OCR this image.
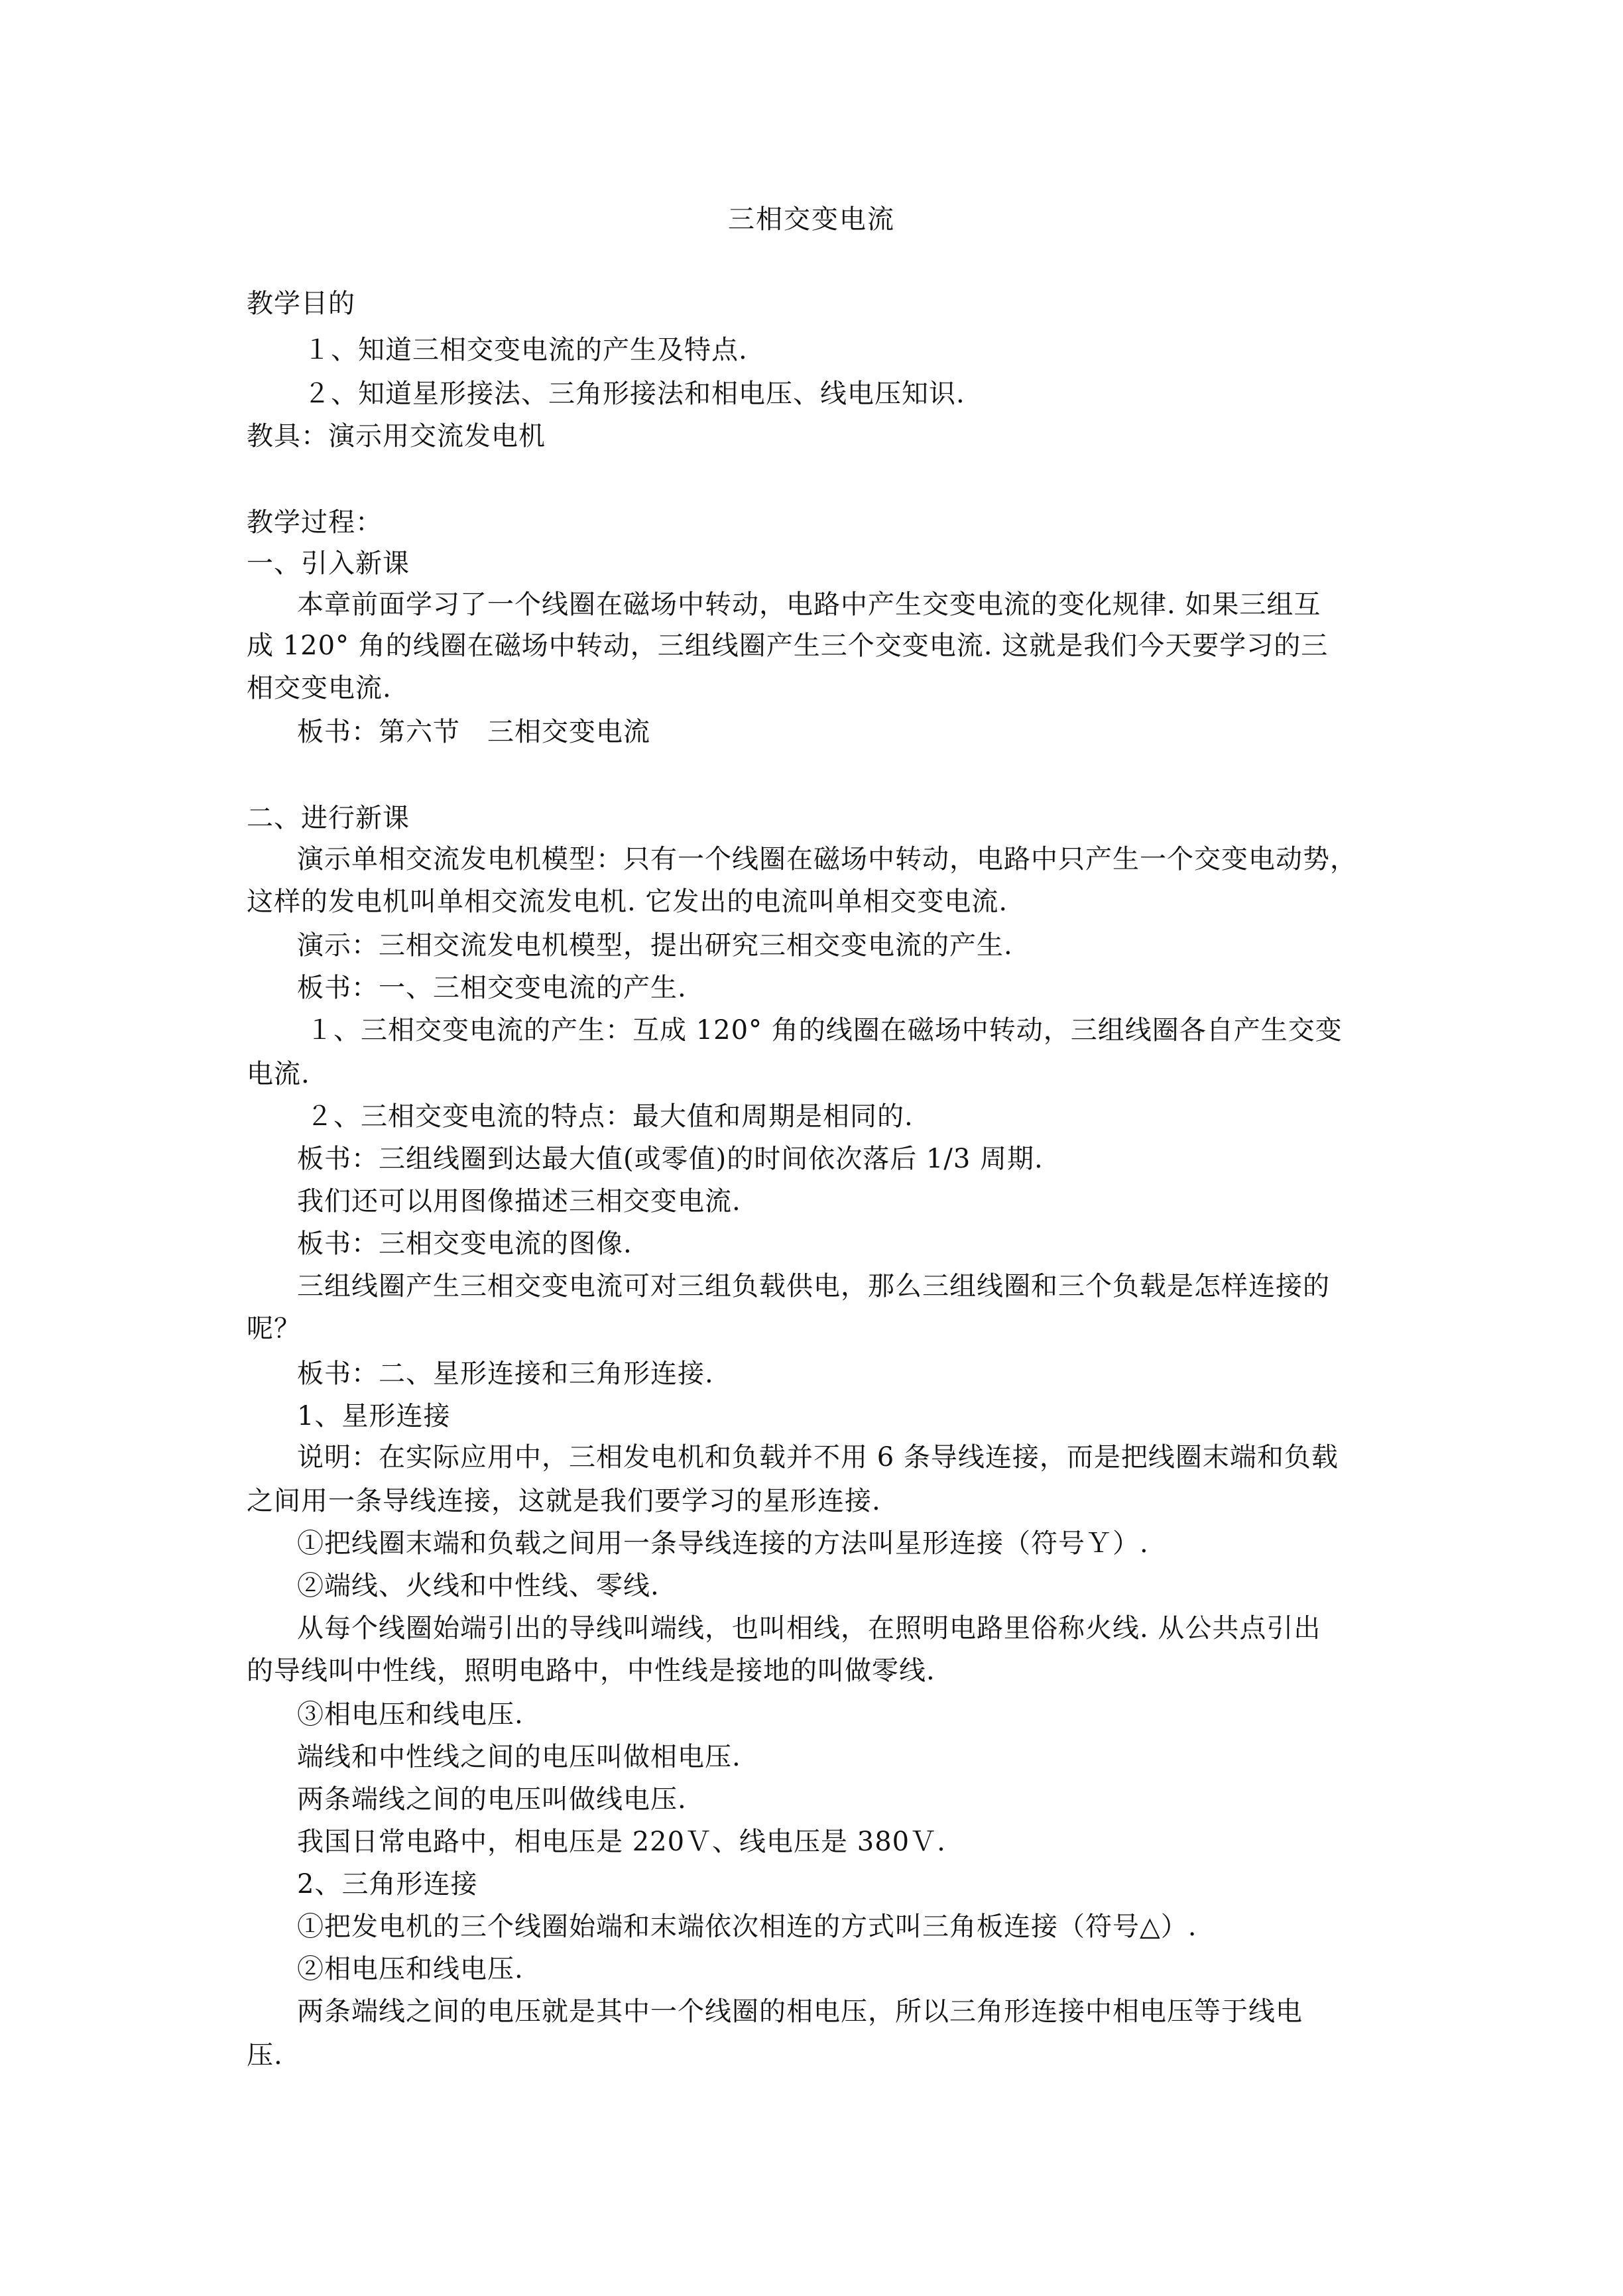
三相交变电流

教学目的

１、知道三相交变电流的产生及特点.

２、知道星形接法、三角形接法和相电压、线电压知识.

教具：演示用交流发电机

教学过程：

一、引入新课

本章前面学习了一个线圈在磁场中转动，电路中产生交变电流的变化规律. 如果三组互

成 120° 角的线圈在磁场中转动，三组线圈产生三个交变电流. 这就是我们今天要学习的三

相交变电流.

板书：第六节　三相交变电流

二、进行新课

演示单相交流发电机模型：只有一个线圈在磁场中转动，电路中只产生一个交变电动势，

这样的发电机叫单相交流发电机. 它发出的电流叫单相交变电流.

演示：三相交流发电机模型，提出研究三相交变电流的产生.

板书：一、三相交变电流的产生.

１、三相交变电流的产生：互成 120° 角的线圈在磁场中转动，三组线圈各自产生交变

电流.

２、三相交变电流的特点：最大值和周期是相同的.

板书：三组线圈到达最大值(或零值)的时间依次落后 1/3 周期.

我们还可以用图像描述三相交变电流.

板书：三相交变电流的图像.

三组线圈产生三相交变电流可对三组负载供电，那么三组线圈和三个负载是怎样连接的

呢？

板书：二、星形连接和三角形连接.

1、星形连接

说明：在实际应用中，三相发电机和负载并不用 6 条导线连接，而是把线圈末端和负载

之间用一条导线连接，这就是我们要学习的星形连接.

①把线圈末端和负载之间用一条导线连接的方法叫星形连接（符号Ｙ）.

②端线、火线和中性线、零线.

从每个线圈始端引出的导线叫端线，也叫相线，在照明电路里俗称火线. 从公共点引出

的导线叫中性线，照明电路中，中性线是接地的叫做零线.

③相电压和线电压.

端线和中性线之间的电压叫做相电压.

两条端线之间的电压叫做线电压.

我国日常电路中，相电压是 220Ｖ、线电压是 380Ｖ.

2、三角形连接

①把发电机的三个线圈始端和末端依次相连的方式叫三角板连接（符号△）.

②相电压和线电压.

两条端线之间的电压就是其中一个线圈的相电压，所以三角形连接中相电压等于线电

压.
